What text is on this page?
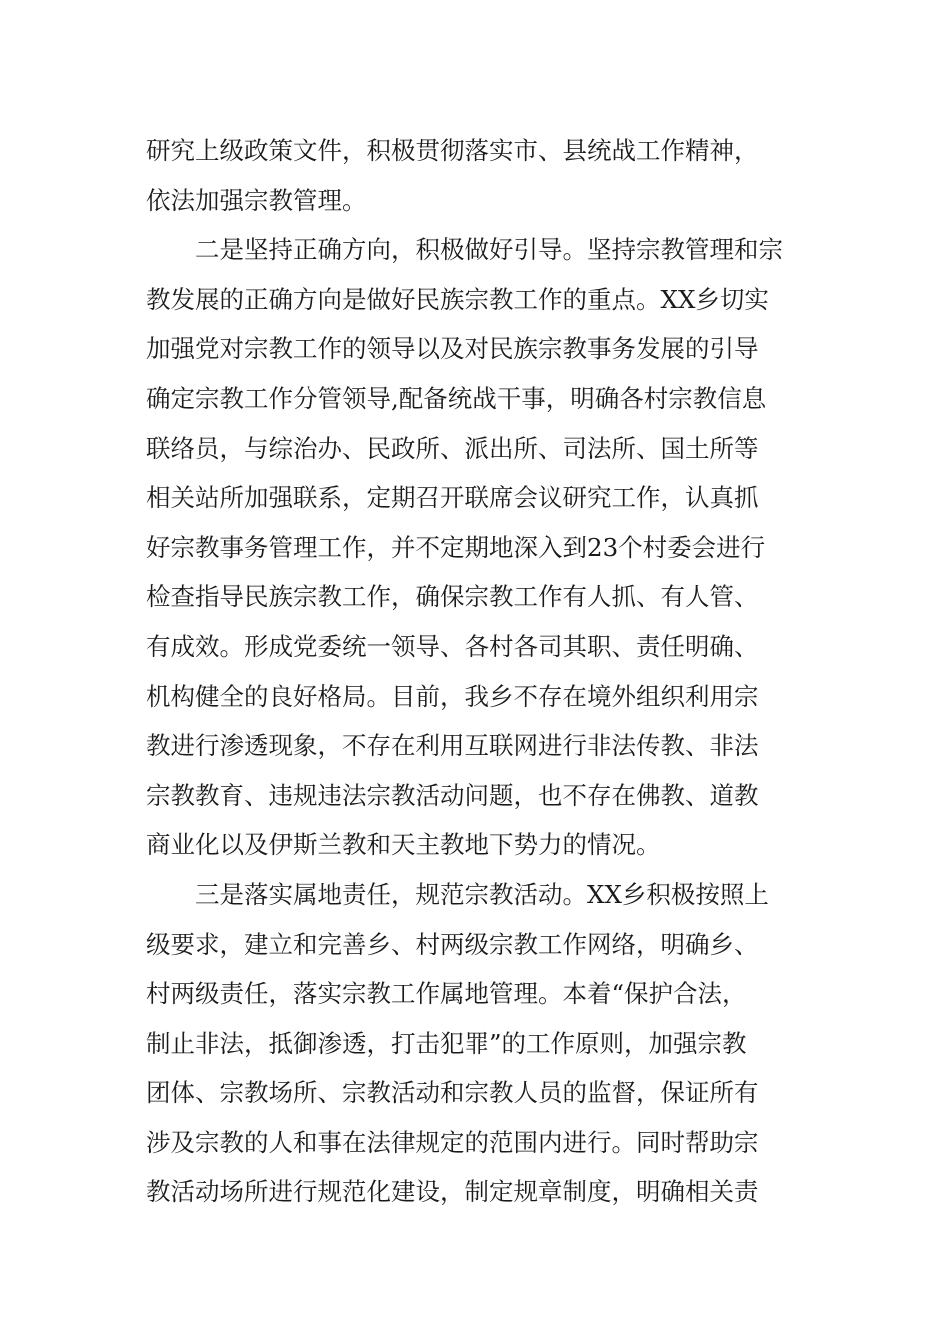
研究上级政策文件，积极贯彻落实市、县统战工作精神，
依法加强宗教管理。
　　二是坚持正确方向，积极做好引导。坚持宗教管理和宗
教发展的正确方向是做好民族宗教工作的重点。XX乡切实
加强党对宗教工作的领导以及对民族宗教事务发展的引导
确定宗教工作分管领导,配备统战干事，明确各村宗教信息
联络员，与综治办、民政所、派出所、司法所、国土所等
相关站所加强联系，定期召开联席会议研究工作，认真抓
好宗教事务管理工作，并不定期地深入到23个村委会进行
检查指导民族宗教工作，确保宗教工作有人抓、有人管、
有成效。形成党委统一领导、各村各司其职、责任明确、
机构健全的良好格局。目前，我乡不存在境外组织利用宗
教进行渗透现象，不存在利用互联网进行非法传教、非法
宗教教育、违规违法宗教活动问题，也不存在佛教、道教
商业化以及伊斯兰教和天主教地下势力的情况。
　　三是落实属地责任，规范宗教活动。XX乡积极按照上
级要求，建立和完善乡、村两级宗教工作网络，明确乡、
村两级责任，落实宗教工作属地管理。本着“保护合法，
制止非法，抵御渗透，打击犯罪”的工作原则，加强宗教
团体、宗教场所、宗教活动和宗教人员的监督，保证所有
涉及宗教的人和事在法律规定的范围内进行。同时帮助宗
教活动场所进行规范化建设，制定规章制度，明确相关责
